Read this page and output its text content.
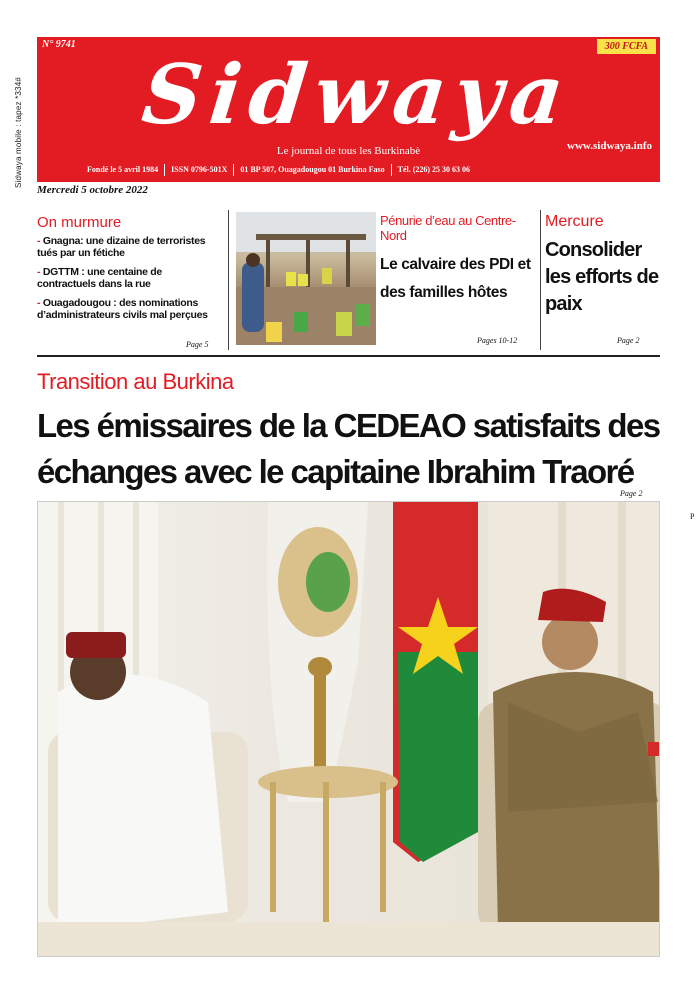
Sidwaya mobile : tapez *334#
N° 9741	300 FCFA
Sidwaya
Le journal de tous les Burkinabè	www.sidwaya.info
Fondé le 5 avril 1984	ISSN 0796-501X	01 BP 507, Ouagadougou 01 Burkina Faso	Tél. (226) 25 30 63 06
Mercredi 5 octobre 2022
On murmure
- Gnagna: une dizaine de terroristes tués par un fétiche
- DGTTM : une centaine de contractuels dans la rue
- Ouagadougou : des nominations d’administrateurs civils mal perçues
Page 5
Pénurie d’eau au Centre-Nord
Le calvaire des PDI et des familles hôtes
Pages 10-12
Mercure
Consolider les efforts de paix
Page 2
Transition au Burkina
Les émissaires de la CEDEAO satisfaits des échanges avec le capitaine Ibrahim Traoré
Page 2
P
